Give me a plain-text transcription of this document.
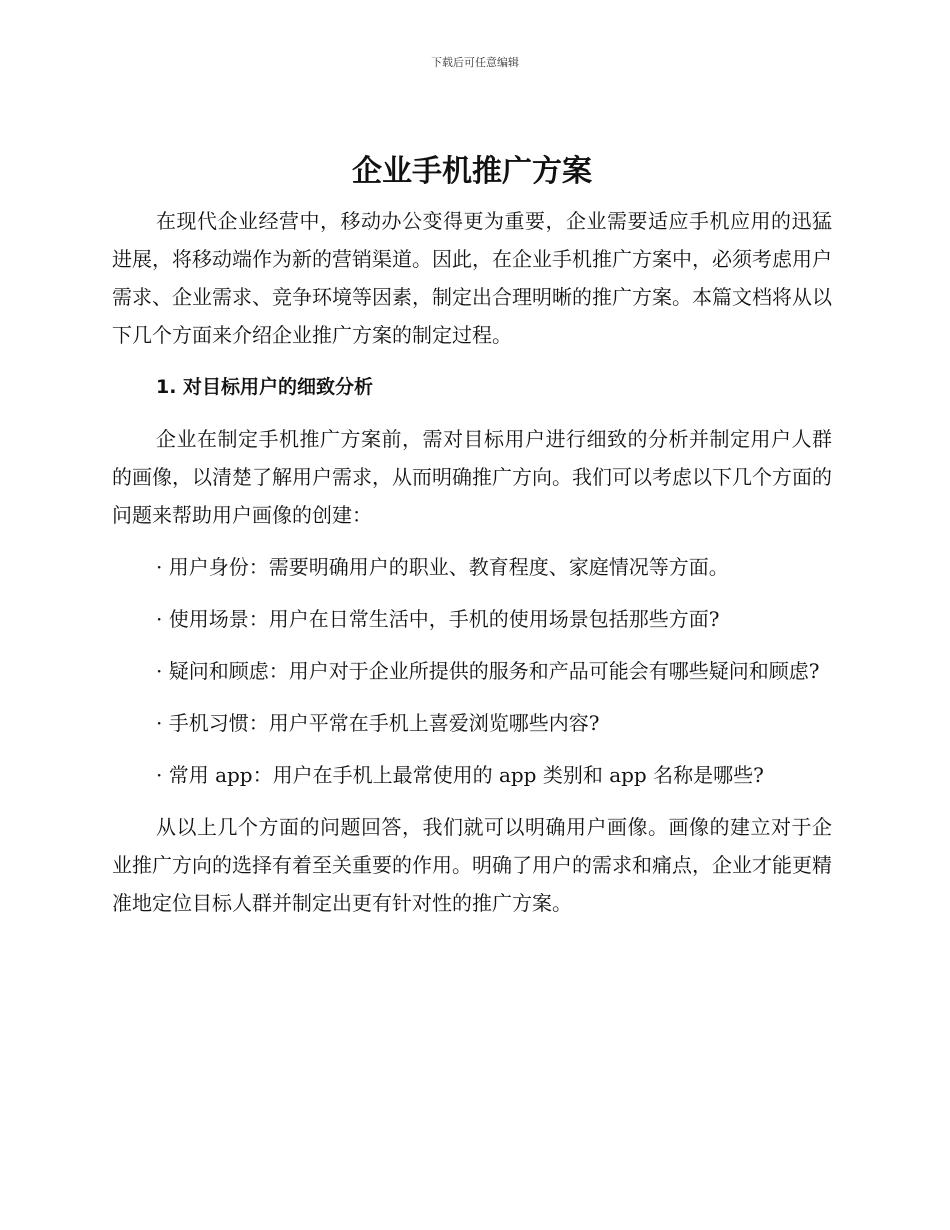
下载后可任意编辑
企业手机推广方案

在现代企业经营中，移动办公变得更为重要，企业需要适应手机应用的迅猛进展，将移动端作为新的营销渠道。因此，在企业手机推广方案中，必须考虑用户需求、企业需求、竞争环境等因素，制定出合理明晰的推广方案。本篇文档将从以下几个方面来介绍企业推广方案的制定过程。

1. 对目标用户的细致分析

企业在制定手机推广方案前，需对目标用户进行细致的分析并制定用户人群的画像，以清楚了解用户需求，从而明确推广方向。我们可以考虑以下几个方面的问题来帮助用户画像的创建：

· 用户身份：需要明确用户的职业、教育程度、家庭情况等方面。

· 使用场景：用户在日常生活中，手机的使用场景包括那些方面?

· 疑问和顾虑：用户对于企业所提供的服务和产品可能会有哪些疑问和顾虑?

· 手机习惯：用户平常在手机上喜爱浏览哪些内容?

· 常用 app：用户在手机上最常使用的 app 类别和 app 名称是哪些?

从以上几个方面的问题回答，我们就可以明确用户画像。画像的建立对于企业推广方向的选择有着至关重要的作用。明确了用户的需求和痛点，企业才能更精准地定位目标人群并制定出更有针对性的推广方案。
